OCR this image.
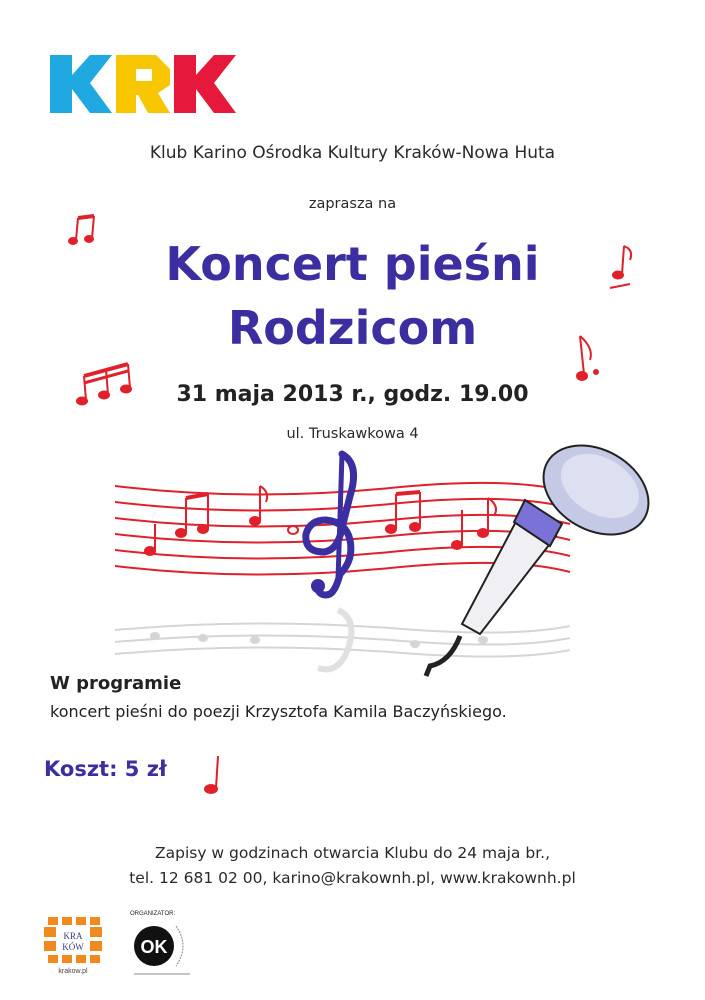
Klub Karino Ośrodka Kultury Kraków-Nowa Huta
zaprasza na
Koncert pieśni
Rodzicom
31 maja 2013 r., godz. 19.00
ul. Truskawkowa 4
W programie
koncert pieśni do poezji Krzysztofa Kamila Baczyńskiego.
Koszt: 5 zł
Zapisy w godzinach otwarcia Klubu do 24 maja br.,
tel. 12 681 02 00, karino@krakownh.pl, www.krakownh.pl
KRA
KÓW
krakow.pl
ORGANIZATOR:
OK
